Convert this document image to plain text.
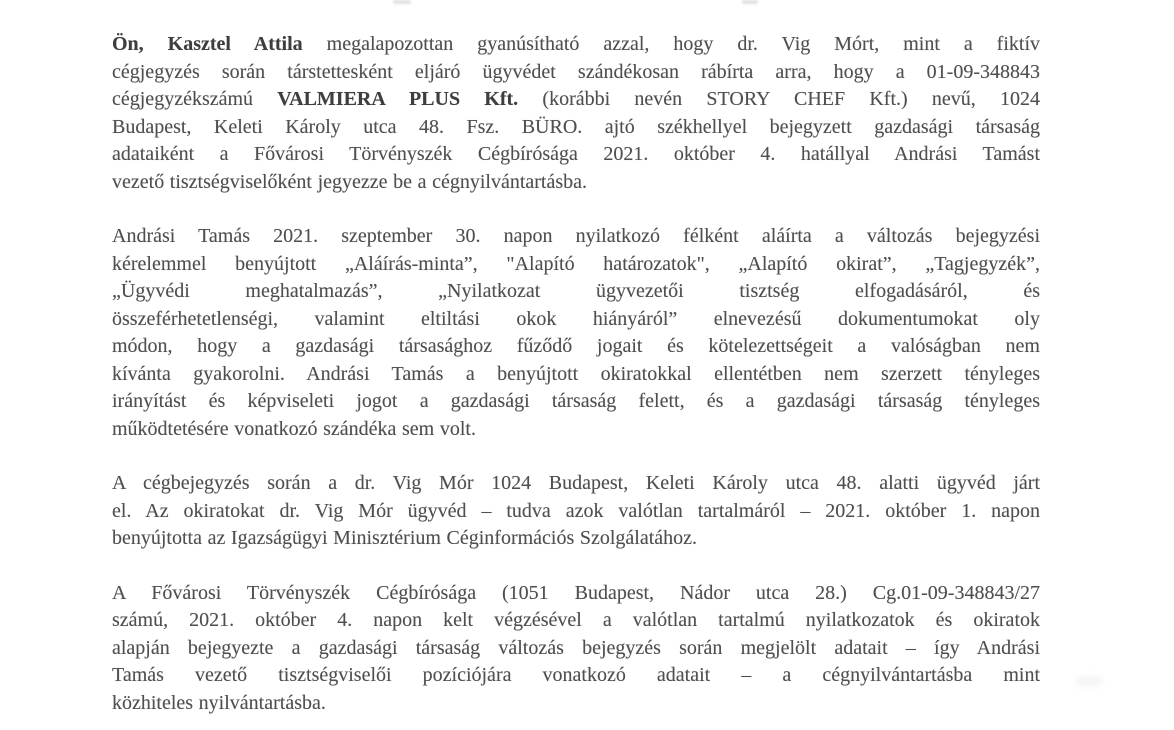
Ön, Kasztel Attila megalapozottan gyanúsítható azzal, hogy dr. Vig Mórt, mint a fiktív
cégjegyzés során társtettesként eljáró ügyvédet szándékosan rábírta arra, hogy a 01-09-348843
cégjegyzékszámú VALMIERA PLUS Kft. (korábbi nevén STORY CHEF Kft.) nevű, 1024
Budapest, Keleti Károly utca 48. Fsz. BÜRO. ajtó székhellyel bejegyzett gazdasági társaság
adataiként a Fővárosi Törvényszék Cégbírósága 2021. október 4. hatállyal Andrási Tamást
vezető tisztségviselőként jegyezze be a cégnyilvántartásba.

Andrási Tamás 2021. szeptember 30. napon nyilatkozó félként aláírta a változás bejegyzési
kérelemmel benyújtott „Aláírás-minta”, "Alapító határozatok", „Alapító okirat”, „Tagjegyzék”,
„Ügyvédi meghatalmazás”, „Nyilatkozat ügyvezetői tisztség elfogadásáról, és
összeférhetetlenségi, valamint eltiltási okok hiányáról” elnevezésű dokumentumokat oly
módon, hogy a gazdasági társasághoz fűződő jogait és kötelezettségeit a valóságban nem
kívánta gyakorolni. Andrási Tamás a benyújtott okiratokkal ellentétben nem szerzett tényleges
irányítást és képviseleti jogot a gazdasági társaság felett, és a gazdasági társaság tényleges
működtetésére vonatkozó szándéka sem volt.

A cégbejegyzés során a dr. Vig Mór 1024 Budapest, Keleti Károly utca 48. alatti ügyvéd járt
el. Az okiratokat dr. Vig Mór ügyvéd – tudva azok valótlan tartalmáról – 2021. október 1. napon
benyújtotta az Igazságügyi Minisztérium Céginformációs Szolgálatához.

A Fővárosi Törvényszék Cégbírósága (1051 Budapest, Nádor utca 28.) Cg.01-09-348843/27
számú, 2021. október 4. napon kelt végzésével a valótlan tartalmú nyilatkozatok és okiratok
alapján bejegyezte a gazdasági társaság változás bejegyzés során megjelölt adatait – így Andrási
Tamás vezető tisztségviselői pozíciójára vonatkozó adatait – a cégnyilvántartásba mint
közhiteles nyilvántartásba.
